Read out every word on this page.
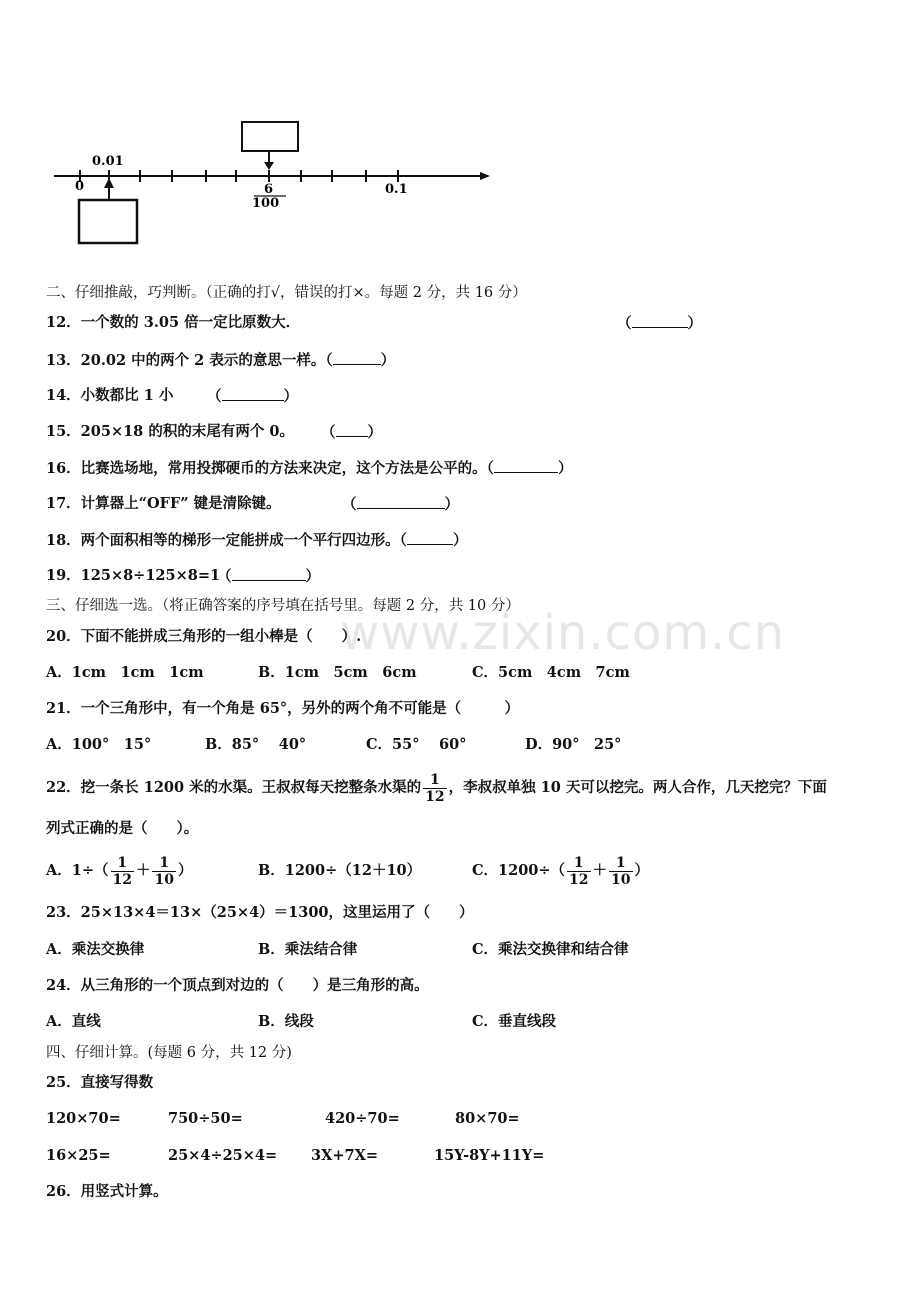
0.01
0	6
100
0.1
二、仔细推敲，巧判断。（正确的打√，错误的打×。每题 2 分，共 16 分）
12．一个数的 3.05 倍一定比原数大．	（	）
13．20.02 中的两个 2 表示的意思一样。（	）
14．小数都比 1 小 （	）
15．205×18 的积的末尾有两个 0。 （ ）
16．比赛选场地，常用投掷硬币的方法来决定，这个方法是公平的。（	）
17．计算器上“OFF” 键是清除键。	（	）
18．两个面积相等的梯形一定能拼成一个平行四边形。（	）
19．125×8÷125×8=1
（	）
www.zixin.com.cn
三、仔细选一选。（将正确答案的序号填在括号里。每题 2 分，共 10 分）
20．下面不能拼成三角形的一组小棒是（　　）.
A．1cm　1cm　1cm	B．1cm　5cm　6cm	C．5cm　4cm　7cm
21．一个三角形中，有一个角是 65°，另外的两个角不可能是（　　　）
A．100°　15°	B．85°　 40°	C．55°　 60°	D．90°　25°
22．挖一条长 1200 米的水渠。王叔叔每天挖整条水渠的 $\frac{1}{12}$ ，李叔叔单独 10 天可以挖完。两人合作，几天挖完？下面
列式正确的是（　　）。
A．$1\div( \frac{1}{12} + \frac{1}{10}$ ）	B．1200÷（12＋10）	C．$1200\div( \frac{1}{12} + \frac{1}{10}$ ）
23．25×13×4＝13×（25×4）＝1300，这里运用了（　　）
A．乘法交换律	B．乘法结合律	C．乘法交换律和结合律
24．从三角形的一个顶点到对边的（　　）是三角形的高。
A．直线	B．线段	C．垂直线段
四、仔细计算。(每题 6 分，共 12 分)
25．直接写得数
120×70=	750÷50=	420÷70=	80×70=
16×25=	25×4÷25×4= 3X+7X=	15Y-8Y+11Y=
26．用竖式计算。
